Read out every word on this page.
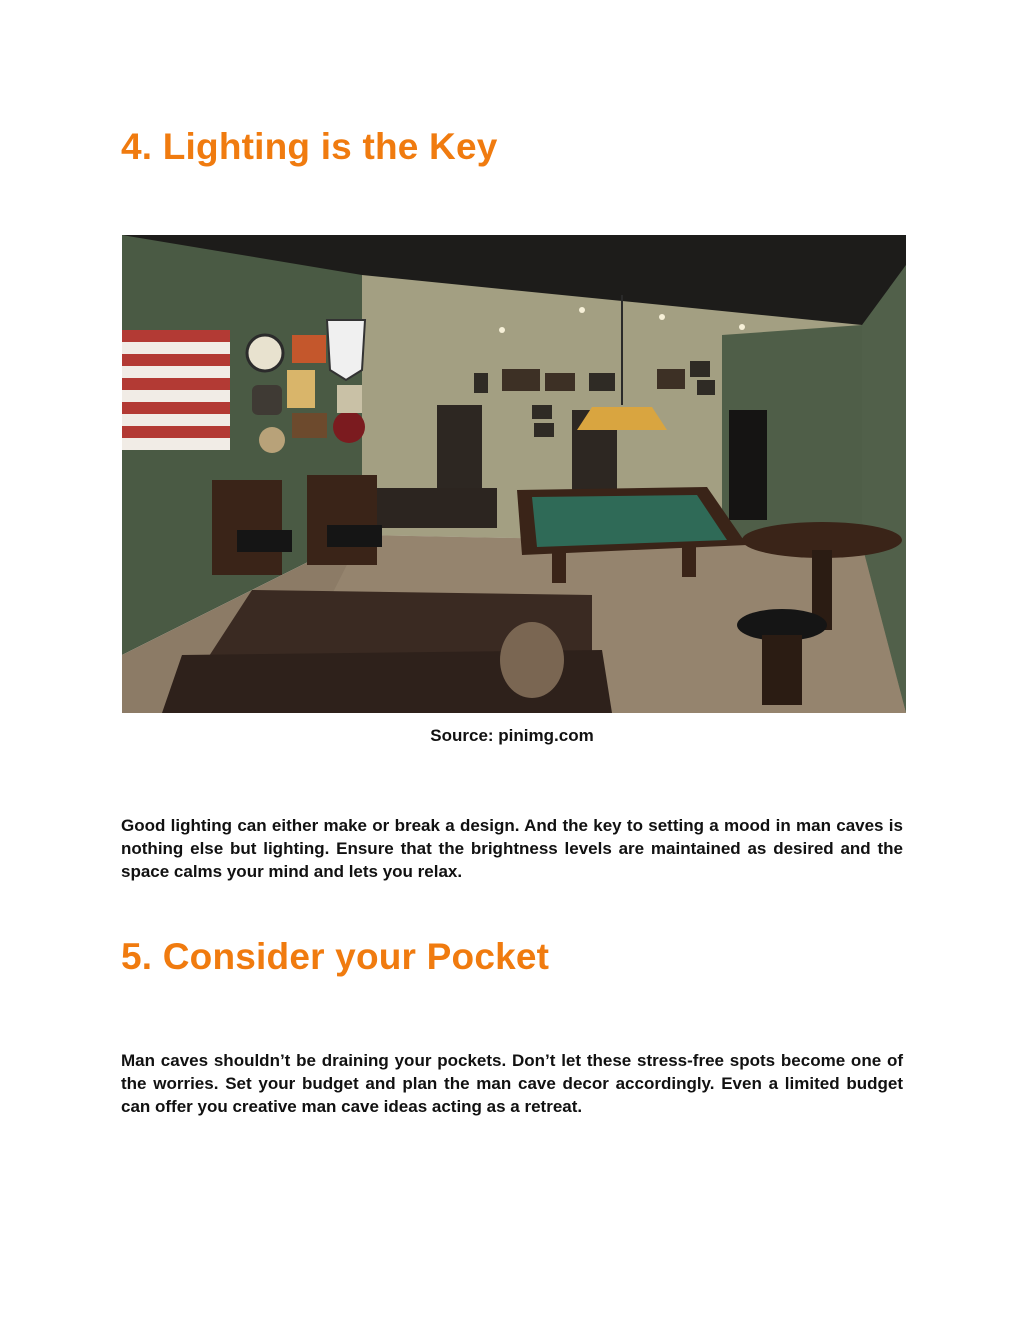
4. Lighting is the Key
Source: pinimg.com

Good lighting can either make or break a design. And the key to setting a mood in man caves is nothing else but lighting. Ensure that the brightness levels are maintained as desired and the space calms your mind and lets you relax.

5. Consider your Pocket

Man caves shouldn’t be draining your pockets. Don’t let these stress-free spots become one of the worries. Set your budget and plan the man cave decor accordingly. Even a limited budget can offer you creative man cave ideas acting as a retreat.
